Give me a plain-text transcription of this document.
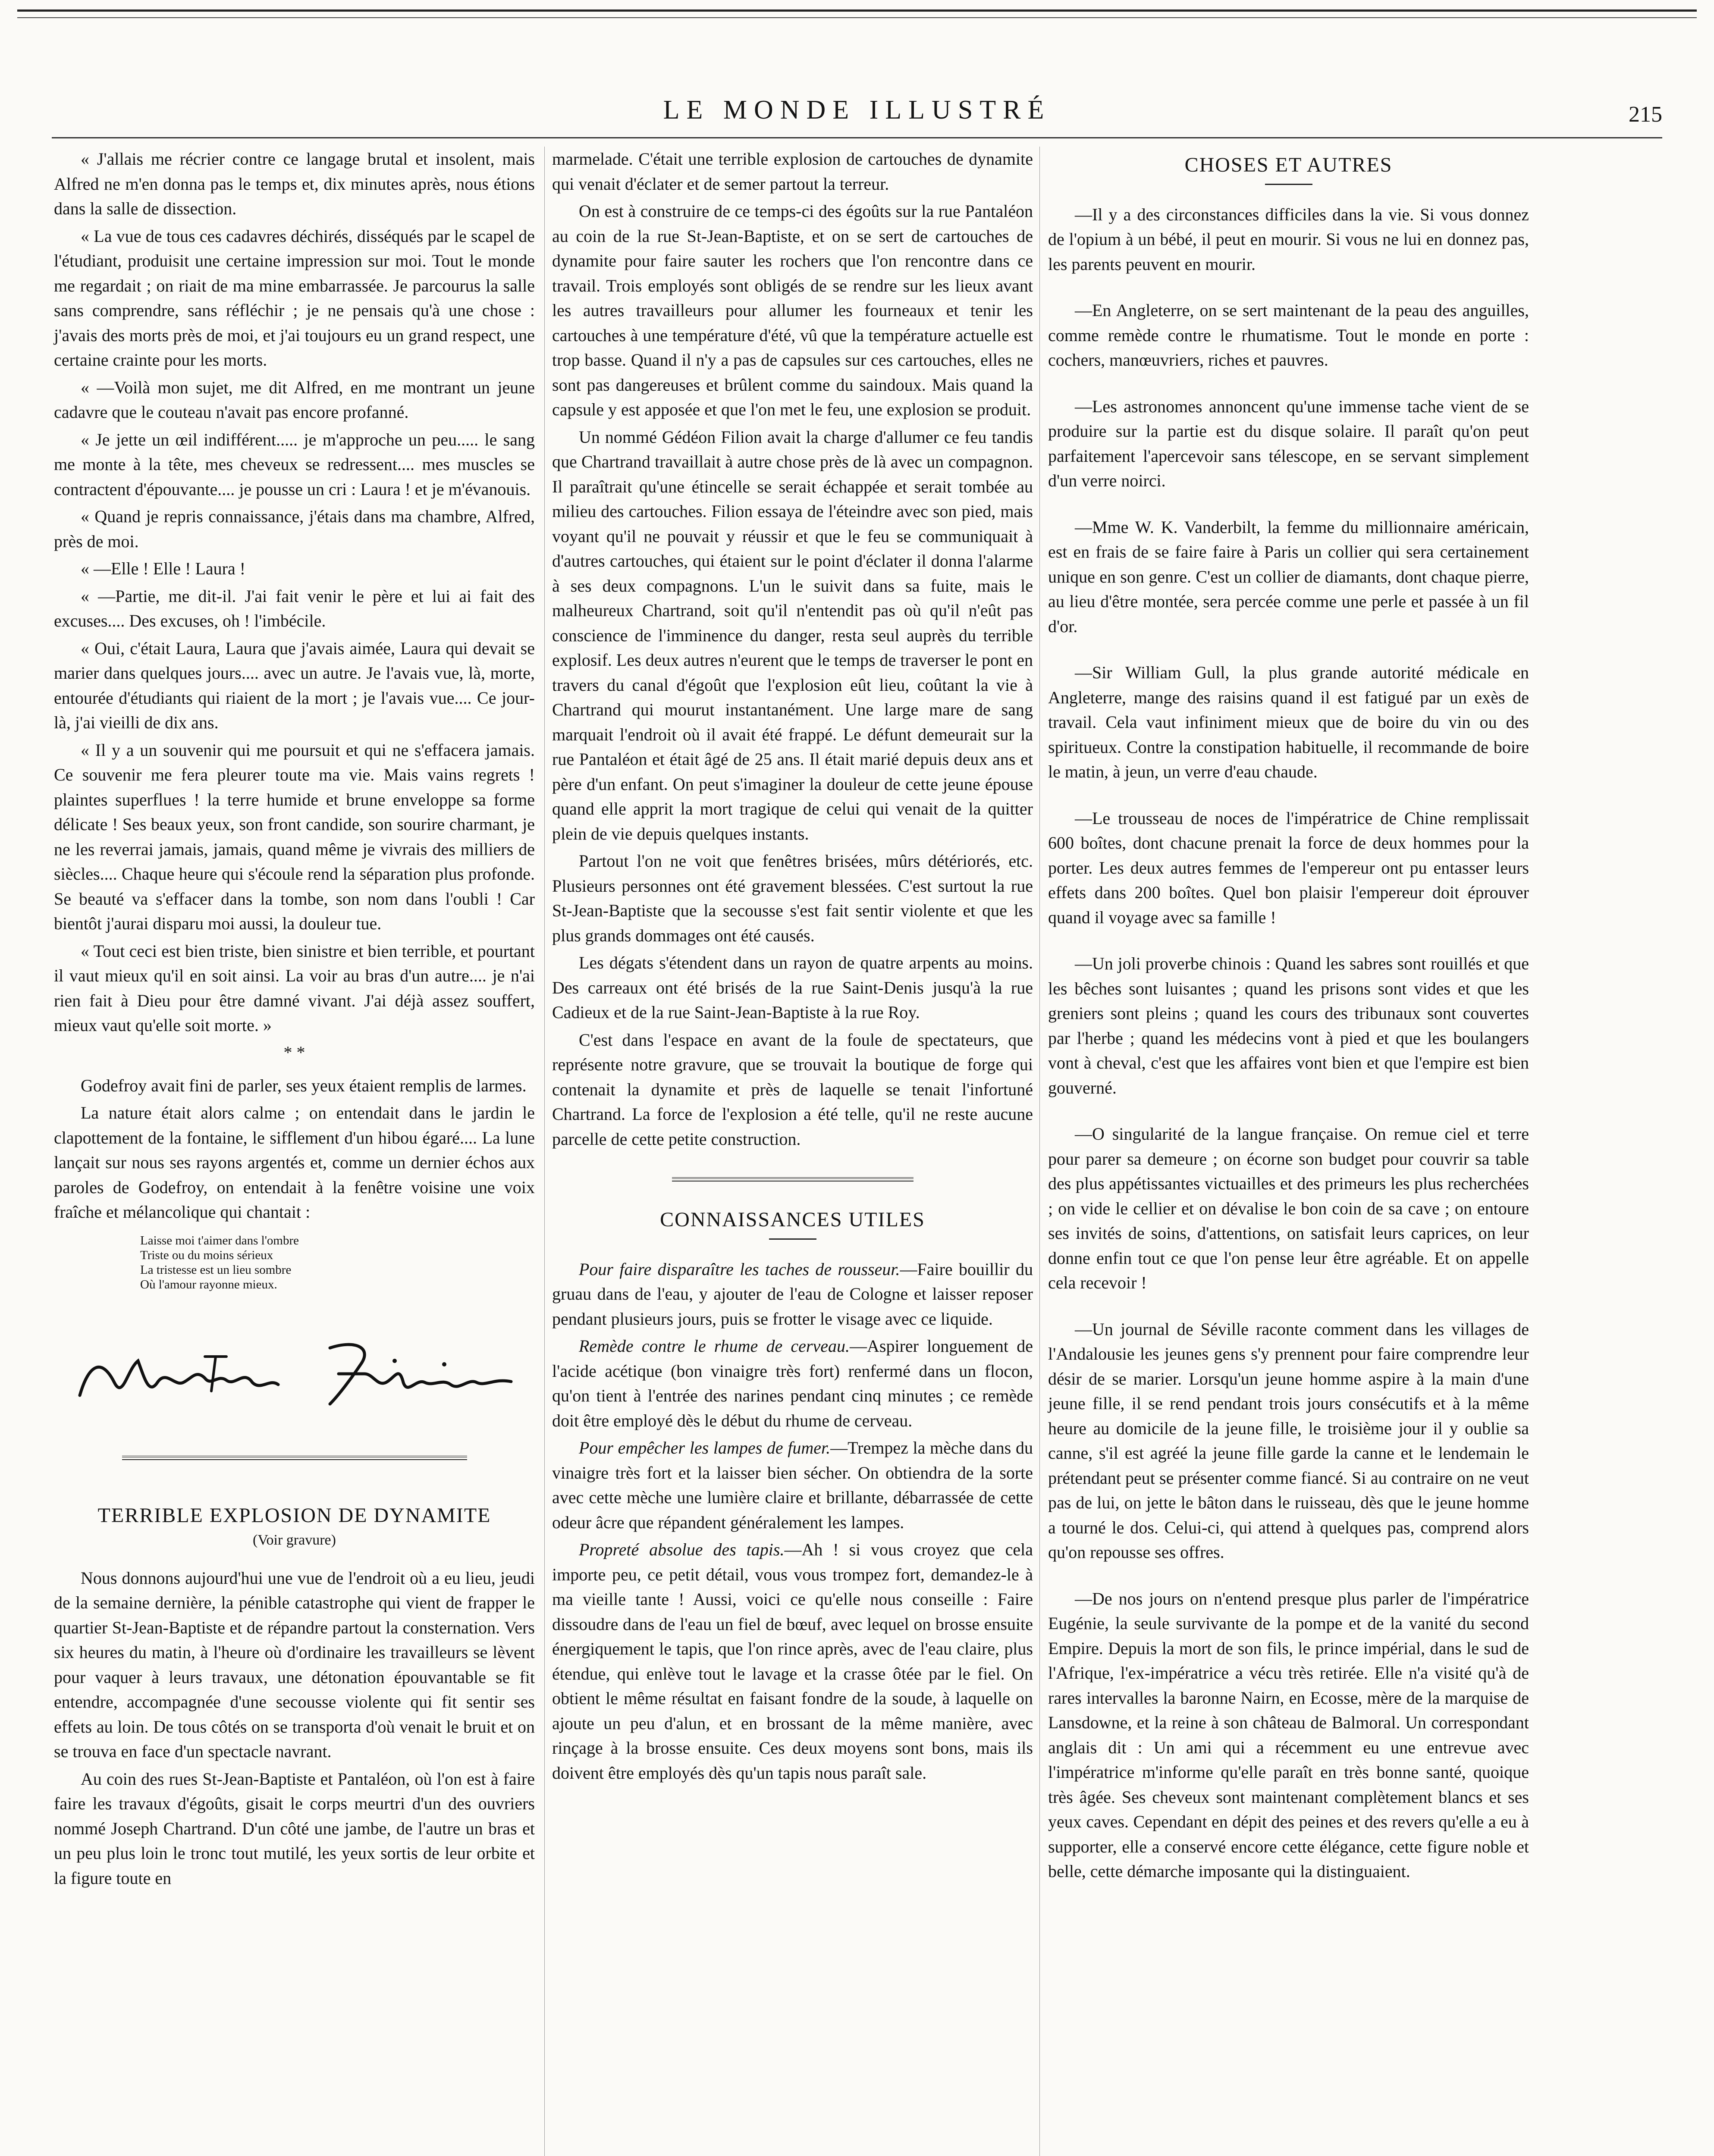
LE MONDE ILLUSTRÉ	215

« J'allais me récrier contre ce langage brutal et insolent, mais Alfred ne m'en donna pas le temps et, dix minutes après, nous étions dans la salle de dissection.

« La vue de tous ces cadavres déchirés, disséqués par le scapel de l'étudiant, produisit une certaine impression sur moi. Tout le monde me regardait ; on riait de ma mine embarrassée. Je parcourus la salle sans comprendre, sans réfléchir ; je ne pensais qu'à une chose : j'avais des morts près de moi, et j'ai toujours eu un grand respect, une certaine crainte pour les morts.

« —Voilà mon sujet, me dit Alfred, en me montrant un jeune cadavre que le couteau n'avait pas encore profanné.

« Je jette un œil indifférent..... je m'approche un peu..... le sang me monte à la tête, mes cheveux se redressent.... mes muscles se contractent d'épouvante.... je pousse un cri : Laura ! et je m'évanouis.

« Quand je repris connaissance, j'étais dans ma chambre, Alfred, près de moi.

« —Elle ! Elle ! Laura !

« —Partie, me dit-il. J'ai fait venir le père et lui ai fait des excuses.... Des excuses, oh ! l'imbécile.

« Oui, c'était Laura, Laura que j'avais aimée, Laura qui devait se marier dans quelques jours.... avec un autre. Je l'avais vue, là, morte, entourée d'étudiants qui riaient de la mort ; je l'avais vue.... Ce jour-là, j'ai vieilli de dix ans.

« Il y a un souvenir qui me poursuit et qui ne s'effacera jamais. Ce souvenir me fera pleurer toute ma vie. Mais vains regrets ! plaintes superflues ! la terre humide et brune enveloppe sa forme délicate ! Ses beaux yeux, son front candide, son sourire charmant, je ne les reverrai jamais, jamais, quand même je vivrais des milliers de siècles.... Chaque heure qui s'écoule rend la séparation plus profonde. Se beauté va s'effacer dans la tombe, son nom dans l'oubli ! Car bientôt j'aurai disparu moi aussi, la douleur tue.

« Tout ceci est bien triste, bien sinistre et bien terrible, et pourtant il vaut mieux qu'il en soit ainsi. La voir au bras d'un autre.... je n'ai rien fait à Dieu pour être damné vivant. J'ai déjà assez souffert, mieux vaut qu'elle soit morte. »

* *

Godefroy avait fini de parler, ses yeux étaient remplis de larmes.

La nature était alors calme ; on entendait dans le jardin le clapottement de la fontaine, le sifflement d'un hibou égaré.... La lune lançait sur nous ses rayons argentés et, comme un dernier échos aux paroles de Godefroy, on entendait à la fenêtre voisine une voix fraîche et mélancolique qui chantait :

Laisse moi t'aimer dans l'ombre
Triste ou du moins sérieux
La tristesse est un lieu sombre
Où l'amour rayonne mieux.
TERRIBLE EXPLOSION DE DYNAMITE
(Voir gravure)

Nous donnons aujourd'hui une vue de l'endroit où a eu lieu, jeudi de la semaine dernière, la pénible catastrophe qui vient de frapper le quartier St-Jean-Baptiste et de répandre partout la consternation. Vers six heures du matin, à l'heure où d'ordinaire les travailleurs se lèvent pour vaquer à leurs travaux, une détonation épouvantable se fit entendre, accompagnée d'une secousse violente qui fit sentir ses effets au loin. De tous côtés on se transporta d'où venait le bruit et on se trouva en face d'un spectacle navrant.

Au coin des rues St-Jean-Baptiste et Pantaléon, où l'on est à faire faire les travaux d'égoûts, gisait le corps meurtri d'un des ouvriers nommé Joseph Chartrand. D'un côté une jambe, de l'autre un bras et un peu plus loin le tronc tout mutilé, les yeux sortis de leur orbite et la figure toute en

marmelade. C'était une terrible explosion de cartouches de dynamite qui venait d'éclater et de semer partout la terreur.

On est à construire de ce temps-ci des égoûts sur la rue Pantaléon au coin de la rue St-Jean-Baptiste, et on se sert de cartouches de dynamite pour faire sauter les rochers que l'on rencontre dans ce travail. Trois employés sont obligés de se rendre sur les lieux avant les autres travailleurs pour allumer les fourneaux et tenir les cartouches à une température d'été, vû que la température actuelle est trop basse. Quand il n'y a pas de capsules sur ces cartouches, elles ne sont pas dangereuses et brûlent comme du saindoux. Mais quand la capsule y est apposée et que l'on met le feu, une explosion se produit.

Un nommé Gédéon Filion avait la charge d'allumer ce feu tandis que Chartrand travaillait à autre chose près de là avec un compagnon. Il paraîtrait qu'une étincelle se serait échappée et serait tombée au milieu des cartouches. Filion essaya de l'éteindre avec son pied, mais voyant qu'il ne pouvait y réussir et que le feu se communiquait à d'autres cartouches, qui étaient sur le point d'éclater il donna l'alarme à ses deux compagnons. L'un le suivit dans sa fuite, mais le malheureux Chartrand, soit qu'il n'entendit pas où qu'il n'eût pas conscience de l'imminence du danger, resta seul auprès du terrible explosif. Les deux autres n'eurent que le temps de traverser le pont en travers du canal d'égoût que l'explosion eût lieu, coûtant la vie à Chartrand qui mourut instantanément. Une large mare de sang marquait l'endroit où il avait été frappé. Le défunt demeurait sur la rue Pantaléon et était âgé de 25 ans. Il était marié depuis deux ans et père d'un enfant. On peut s'imaginer la douleur de cette jeune épouse quand elle apprit la mort tragique de celui qui venait de la quitter plein de vie depuis quelques instants.

Partout l'on ne voit que fenêtres brisées, mûrs détériorés, etc. Plusieurs personnes ont été gravement blessées. C'est surtout la rue St-Jean-Baptiste que la secousse s'est fait sentir violente et que les plus grands dommages ont été causés.

Les dégats s'étendent dans un rayon de quatre arpents au moins. Des carreaux ont été brisés de la rue Saint-Denis jusqu'à la rue Cadieux et de la rue Saint-Jean-Baptiste à la rue Roy.

C'est dans l'espace en avant de la foule de spectateurs, que représente notre gravure, que se trouvait la boutique de forge qui contenait la dynamite et près de laquelle se tenait l'infortuné Chartrand. La force de l'explosion a été telle, qu'il ne reste aucune parcelle de cette petite construction.

CONNAISSANCES UTILES

Pour faire disparaître les taches de rousseur.—Faire bouillir du gruau dans de l'eau, y ajouter de l'eau de Cologne et laisser reposer pendant plusieurs jours, puis se frotter le visage avec ce liquide.

Remède contre le rhume de cerveau.—Aspirer longuement de l'acide acétique (bon vinaigre très fort) renfermé dans un flocon, qu'on tient à l'entrée des narines pendant cinq minutes ; ce remède doit être employé dès le début du rhume de cerveau.

Pour empêcher les lampes de fumer.—Trempez la mèche dans du vinaigre très fort et la laisser bien sécher. On obtiendra de la sorte avec cette mèche une lumière claire et brillante, débarrassée de cette odeur âcre que répandent généralement les lampes.

Propreté absolue des tapis.—Ah ! si vous croyez que cela importe peu, ce petit détail, vous vous trompez fort, demandez-le à ma vieille tante ! Aussi, voici ce qu'elle nous conseille : Faire dissoudre dans de l'eau un fiel de bœuf, avec lequel on brosse ensuite énergiquement le tapis, que l'on rince après, avec de l'eau claire, plus étendue, qui enlève tout le lavage et la crasse ôtée par le fiel. On obtient le même résultat en faisant fondre de la soude, à laquelle on ajoute un peu d'alun, et en brossant de la même manière, avec rinçage à la brosse ensuite. Ces deux moyens sont bons, mais ils doivent être employés dès qu'un tapis nous paraît sale.

CHOSES ET AUTRES

—Il y a des circonstances difficiles dans la vie. Si vous donnez de l'opium à un bébé, il peut en mourir. Si vous ne lui en donnez pas, les parents peuvent en mourir.

—En Angleterre, on se sert maintenant de la peau des anguilles, comme remède contre le rhumatisme. Tout le monde en porte : cochers, manœuvriers, riches et pauvres.

—Les astronomes annoncent qu'une immense tache vient de se produire sur la partie est du disque solaire. Il paraît qu'on peut parfaitement l'apercevoir sans télescope, en se servant simplement d'un verre noirci.

—Mme W. K. Vanderbilt, la femme du millionnaire américain, est en frais de se faire faire à Paris un collier qui sera certainement unique en son genre. C'est un collier de diamants, dont chaque pierre, au lieu d'être montée, sera percée comme une perle et passée à un fil d'or.

—Sir William Gull, la plus grande autorité médicale en Angleterre, mange des raisins quand il est fatigué par un exès de travail. Cela vaut infiniment mieux que de boire du vin ou des spiritueux. Contre la constipation habituelle, il recommande de boire le matin, à jeun, un verre d'eau chaude.

—Le trousseau de noces de l'impératrice de Chine remplissait 600 boîtes, dont chacune prenait la force de deux hommes pour la porter. Les deux autres femmes de l'empereur ont pu entasser leurs effets dans 200 boîtes. Quel bon plaisir l'empereur doit éprouver quand il voyage avec sa famille !

—Un joli proverbe chinois : Quand les sabres sont rouillés et que les bêches sont luisantes ; quand les prisons sont vides et que les greniers sont pleins ; quand les cours des tribunaux sont couvertes par l'herbe ; quand les médecins vont à pied et que les boulangers vont à cheval, c'est que les affaires vont bien et que l'empire est bien gouverné.

—O singularité de la langue française. On remue ciel et terre pour parer sa demeure ; on écorne son budget pour couvrir sa table des plus appétissantes victuailles et des primeurs les plus recherchées ; on vide le cellier et on dévalise le bon coin de sa cave ; on entoure ses invités de soins, d'attentions, on satisfait leurs caprices, on leur donne enfin tout ce que l'on pense leur être agréable. Et on appelle cela recevoir !

—Un journal de Séville raconte comment dans les villages de l'Andalousie les jeunes gens s'y prennent pour faire comprendre leur désir de se marier. Lorsqu'un jeune homme aspire à la main d'une jeune fille, il se rend pendant trois jours consécutifs et à la même heure au domicile de la jeune fille, le troisième jour il y oublie sa canne, s'il est agréé la jeune fille garde la canne et le lendemain le prétendant peut se présenter comme fiancé. Si au contraire on ne veut pas de lui, on jette le bâton dans le ruisseau, dès que le jeune homme a tourné le dos. Celui-ci, qui attend à quelques pas, comprend alors qu'on repousse ses offres.

—De nos jours on n'entend presque plus parler de l'impératrice Eugénie, la seule survivante de la pompe et de la vanité du second Empire. Depuis la mort de son fils, le prince impérial, dans le sud de l'Afrique, l'ex-impératrice a vécu très retirée. Elle n'a visité qu'à de rares intervalles la baronne Nairn, en Ecosse, mère de la marquise de Lansdowne, et la reine à son château de Balmoral. Un correspondant anglais dit : Un ami qui a récemment eu une entrevue avec l'impératrice m'informe qu'elle paraît en très bonne santé, quoique très âgée. Ses cheveux sont maintenant complètement blancs et ses yeux caves. Cependant en dépit des peines et des revers qu'elle a eu à supporter, elle a conservé encore cette élégance, cette figure noble et belle, cette démarche imposante qui la distinguaient.
